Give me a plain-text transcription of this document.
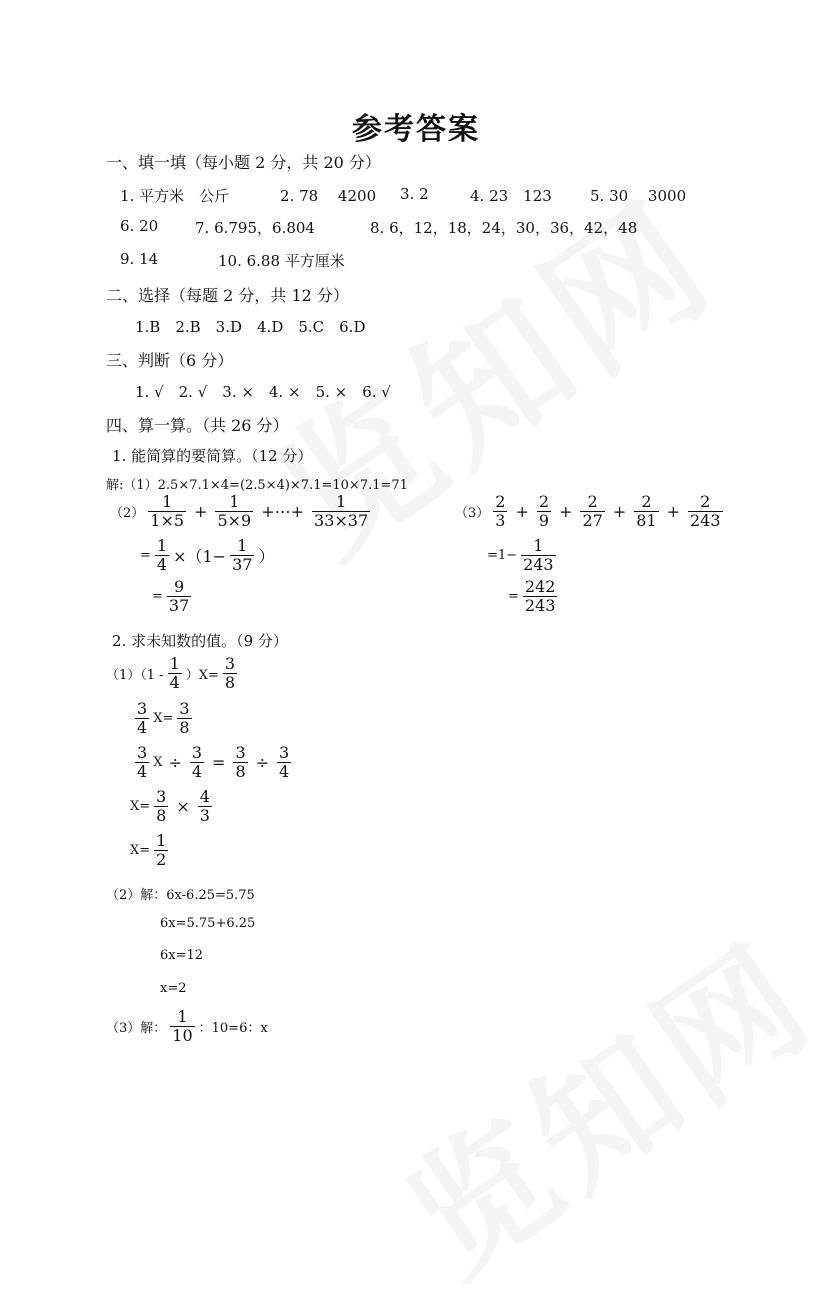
参考答案
一、填一填（每小题 2 分，共 20 分）
1. 平方米　公斤	2. 78　 4200 3. 2	4. 23　123	5. 30　 3000
6. 20 7. 6.795，6.804	8. 6，12，18，24，30，36，42，48
9. 14	10. 6.88 平方厘米
二、选择（每题 2 分，共 12 分）
1.B　2.B　3.D　4.D　5.C　6.D
三、判断（6 分）
1. √　2. √　3. ×　4. ×　5. ×　6. √
四、算一算。（共 26 分）
1. 能简算的要简算。（12 分）
解:（1）2.5×7.1×4=(2.5×4)×7.1=10×7.1=71
$(2) \frac{1}{1\times 5} + \frac{1}{5\times 9}$ +⋯+ $\frac{1}{33\times 37}$
= $\frac{1}{4} \times(1- \frac{1}{37}$ ）
= $\frac{9}{37}$
$(3) \frac{2}{3} + \frac{2}{9} + \frac{2}{27} + \frac{2}{81} + \frac{2}{243}$
$=1- \frac{1}{243}$
= $\frac{242}{243}$
2. 求未知数的值。（9 分）
$(1)(1 - \frac{1}{4} )X= \frac{3}{8}$
$\frac{3}{4} X= \frac{3}{8}$
$\frac{3}{4}$ $X \div \frac{3}{4} = \frac{3}{8} \div \frac{3}{4}$
$X= \frac{3}{8} \times \frac{4}{3}$
$X= \frac{1}{2}$
（2）解：6x-6.25=5.75
6x=5.75+6.25
6x=12
x=2
（3）解： $\frac{1}{10}$ ：10=6：x
